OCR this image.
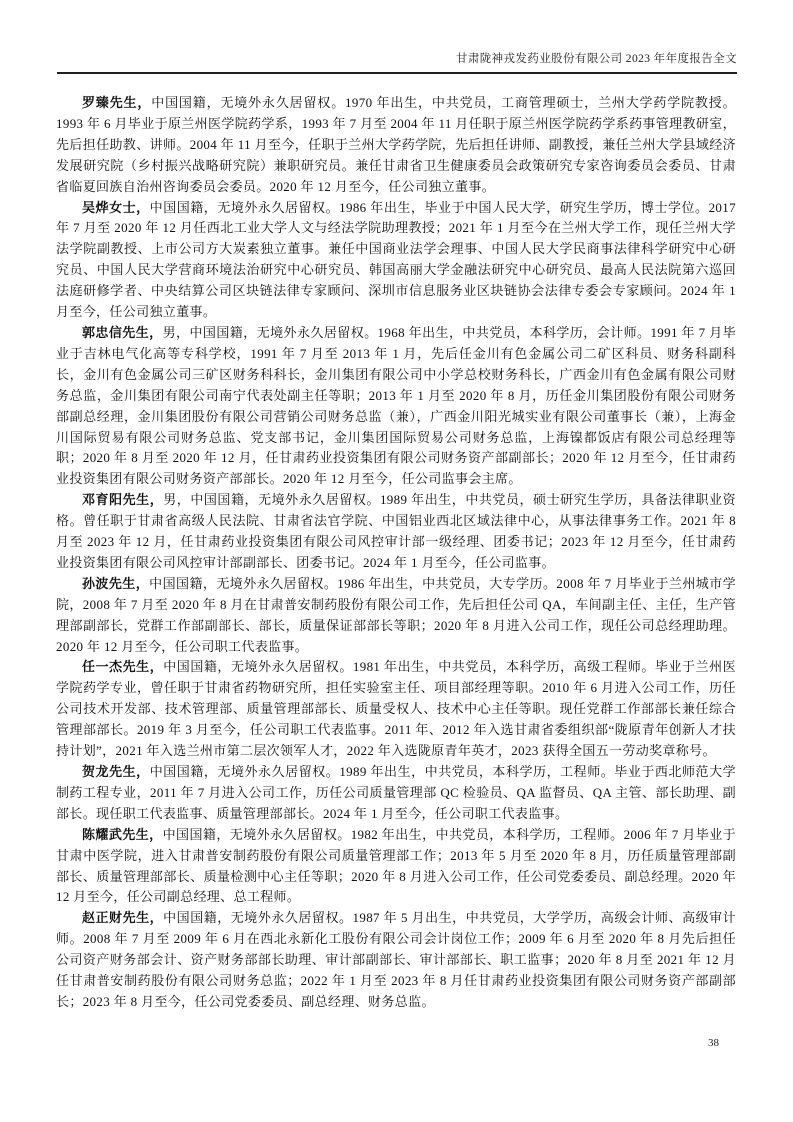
甘肃陇神戎发药业股份有限公司 2023 年年度报告全文

罗臻先生，中国国籍，无境外永久居留权。1970 年出生，中共党员，工商管理硕士，兰州大学药学院教授。1993 年 6 月毕业于原兰州医学院药学系，1993 年 7 月至 2004 年 11 月任职于原兰州医学院药学系药事管理教研室，先后担任助教、讲师。2004 年 11 月至今，任职于兰州大学药学院，先后担任讲师、副教授，兼任兰州大学县域经济发展研究院（乡村振兴战略研究院）兼职研究员。兼任甘肃省卫生健康委员会政策研究专家咨询委员会委员、甘肃省临夏回族自治州咨询委员会委员。2020 年 12 月至今，任公司独立董事。

吴烨女士，中国国籍，无境外永久居留权。1986 年出生，毕业于中国人民大学，研究生学历，博士学位。2017 年 7 月至 2020 年 12 月任西北工业大学人文与经法学院助理教授；2021 年 1 月至今在兰州大学工作，现任兰州大学法学院副教授、上市公司方大炭素独立董事。兼任中国商业法学会理事、中国人民大学民商事法律科学研究中心研究员、中国人民大学营商环境法治研究中心研究员、韩国高丽大学金融法研究中心研究员、最高人民法院第六巡回法庭研修学者、中央结算公司区块链法律专家顾问、深圳市信息服务业区块链协会法律专委会专家顾问。2024 年 1 月至今，任公司独立董事。

郭忠信先生，男，中国国籍，无境外永久居留权。1968 年出生，中共党员，本科学历，会计师。1991 年 7 月毕业于吉林电气化高等专科学校，1991 年 7 月至 2013 年 1 月，先后任金川有色金属公司二矿区科员、财务科副科长，金川有色金属公司三矿区财务科科长，金川集团有限公司中小学总校财务科长，广西金川有色金属有限公司财务总监，金川集团有限公司南宁代表处副主任等职；2013 年 1 月至 2020 年 8 月，历任金川集团股份有限公司财务部副总经理，金川集团股份有限公司营销公司财务总监（兼），广西金川阳光城实业有限公司董事长（兼），上海金川国际贸易有限公司财务总监、党支部书记，金川集团国际贸易公司财务总监，上海镍都饭店有限公司总经理等职；2020 年 8 月至 2020 年 12 月，任甘肃药业投资集团有限公司财务资产部副部长；2020 年 12 月至今，任甘肃药业投资集团有限公司财务资产部部长。2020 年 12 月至今，任公司监事会主席。

邓育阳先生，男，中国国籍，无境外永久居留权。1989 年出生，中共党员，硕士研究生学历，具备法律职业资格。曾任职于甘肃省高级人民法院、甘肃省法官学院、中国铝业西北区域法律中心，从事法律事务工作。2021 年 8 月至 2023 年 12 月，任甘肃药业投资集团有限公司风控审计部一级经理、团委书记；2023 年 12 月至今，任甘肃药业投资集团有限公司风控审计部副部长、团委书记。2024 年 1 月至今，任公司监事。

孙波先生，中国国籍，无境外永久居留权。1986 年出生，中共党员，大专学历。2008 年 7 月毕业于兰州城市学院，2008 年 7 月至 2020 年 8 月在甘肃普安制药股份有限公司工作，先后担任公司 QA，车间副主任、主任，生产管理部副部长，党群工作部副部长、部长，质量保证部部长等职；2020 年 8 月进入公司工作，现任公司总经理助理。2020 年 12 月至今，任公司职工代表监事。

任一杰先生，中国国籍，无境外永久居留权。1981 年出生，中共党员，本科学历，高级工程师。毕业于兰州医学院药学专业，曾任职于甘肃省药物研究所，担任实验室主任、项目部经理等职。2010 年 6 月进入公司工作，历任公司技术开发部、技术管理部、质量管理部部长、质量受权人、技术中心主任等职。现任党群工作部部长兼任综合管理部部长。2019 年 3 月至今，任公司职工代表监事。2011 年、2012 年入选甘肃省委组织部“陇原青年创新人才扶持计划”，2021 年入选兰州市第二层次领军人才，2022 年入选陇原青年英才，2023 获得全国五一劳动奖章称号。

贺龙先生，中国国籍，无境外永久居留权。1989 年出生，中共党员，本科学历，工程师。毕业于西北师范大学制药工程专业，2011 年 7 月进入公司工作，历任公司质量管理部 QC 检验员、QA 监督员、QA 主管、部长助理、副部长。现任职工代表监事、质量管理部部长。2024 年 1 月至今，任公司职工代表监事。

陈耀武先生，中国国籍，无境外永久居留权。1982 年出生，中共党员，本科学历，工程师。2006 年 7 月毕业于甘肃中医学院，进入甘肃普安制药股份有限公司质量管理部工作；2013 年 5 月至 2020 年 8 月，历任质量管理部副部长、质量管理部部长、质量检测中心主任等职；2020 年 8 月进入公司工作，任公司党委委员、副总经理。2020 年 12 月至今，任公司副总经理、总工程师。

赵正财先生，中国国籍，无境外永久居留权。1987 年 5 月出生，中共党员，大学学历，高级会计师、高级审计师。2008 年 7 月至 2009 年 6 月在西北永新化工股份有限公司会计岗位工作；2009 年 6 月至 2020 年 8 月先后担任公司资产财务部会计、资产财务部部长助理、审计部副部长、审计部部长、职工监事；2020 年 8 月至 2021 年 12 月任甘肃普安制药股份有限公司财务总监；2022 年 1 月至 2023 年 8 月任甘肃药业投资集团有限公司财务资产部副部长；2023 年 8 月至今，任公司党委委员、副总经理、财务总监。

38
